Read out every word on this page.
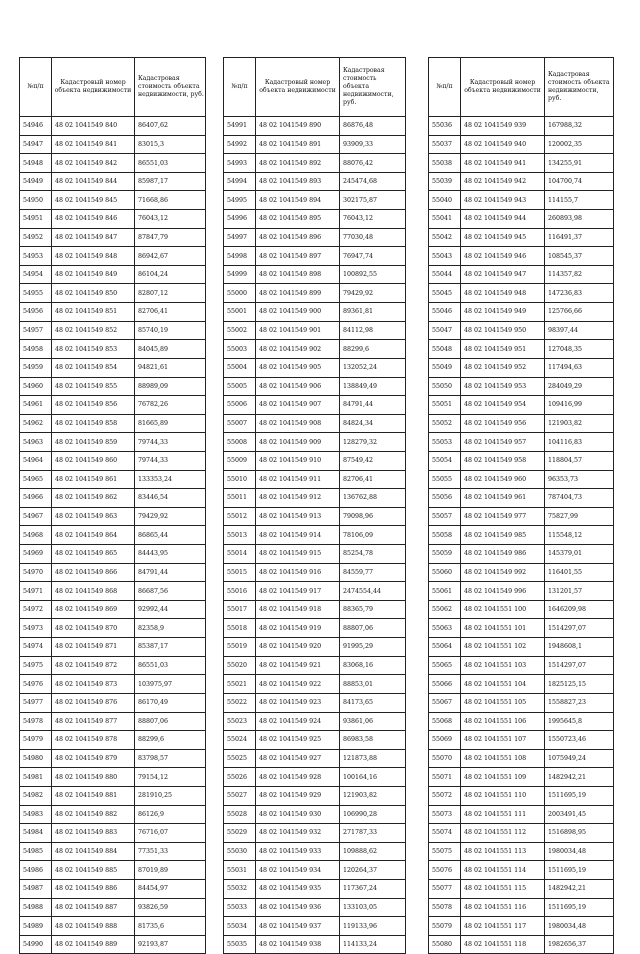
№п/п	Кадастровый номер объекта недвижимости	Кадастровая стоимость объекта недвижимости, руб.
54946	48 02 1041549 840	86407,62
54947	48 02 1041549 841	83015,3
54948	48 02 1041549 842	86551,03
54949	48 02 1041549 844	85987,17
54950	48 02 1041549 845	71668,86
54951	48 02 1041549 846	76043,12
54952	48 02 1041549 847	87847,79
54953	48 02 1041549 848	86942,67
54954	48 02 1041549 849	86104,24
54955	48 02 1041549 850	82807,12
54956	48 02 1041549 851	82706,41
54957	48 02 1041549 852	85740,19
54958	48 02 1041549 853	84045,89
54959	48 02 1041549 854	94821,61
54960	48 02 1041549 855	88989,09
54961	48 02 1041549 856	76782,26
54962	48 02 1041549 858	81665,89
54963	48 02 1041549 859	79744,33
54964	48 02 1041549 860	79744,33
54965	48 02 1041549 861	133353,24
54966	48 02 1041549 862	83446,54
54967	48 02 1041549 863	79429,92
54968	48 02 1041549 864	86865,44
54969	48 02 1041549 865	84443,95
54970	48 02 1041549 866	84791,44
54971	48 02 1041549 868	86687,56
54972	48 02 1041549 869	92992,44
54973	48 02 1041549 870	82358,9
54974	48 02 1041549 871	85387,17
54975	48 02 1041549 872	86551,03
54976	48 02 1041549 873	103975,97
54977	48 02 1041549 876	86170,49
54978	48 02 1041549 877	88807,06
54979	48 02 1041549 878	88299,6
54980	48 02 1041549 879	83798,57
54981	48 02 1041549 880	79154,12
54982	48 02 1041549 881	281910,25
54983	48 02 1041549 882	86126,9
54984	48 02 1041549 883	76716,07
54985	48 02 1041549 884	77351,33
54986	48 02 1041549 885	87019,89
54987	48 02 1041549 886	84454,97
54988	48 02 1041549 887	93826,59
54989	48 02 1041549 888	81735,6
54990	48 02 1041549 889	92193,87
№п/п	Кадастровый номер объекта недвижимости	Кадастровая стоимость объекта недвижимости, руб.
54991	48 02 1041549 890	86876,48
54992	48 02 1041549 891	93909,33
54993	48 02 1041549 892	88076,42
54994	48 02 1041549 893	245474,68
54995	48 02 1041549 894	302175,87
54996	48 02 1041549 895	76043,12
54997	48 02 1041549 896	77030,48
54998	48 02 1041549 897	76947,74
54999	48 02 1041549 898	100892,55
55000	48 02 1041549 899	79429,92
55001	48 02 1041549 900	89361,81
55002	48 02 1041549 901	84112,98
55003	48 02 1041549 902	88299,6
55004	48 02 1041549 905	132052,24
55005	48 02 1041549 906	138849,49
55006	48 02 1041549 907	84791,44
55007	48 02 1041549 908	84824,34
55008	48 02 1041549 909	128279,32
55009	48 02 1041549 910	87549,42
55010	48 02 1041549 911	82706,41
55011	48 02 1041549 912	136762,88
55012	48 02 1041549 913	79098,96
55013	48 02 1041549 914	78106,09
55014	48 02 1041549 915	85254,78
55015	48 02 1041549 916	84559,77
55016	48 02 1041549 917	2474554,44
55017	48 02 1041549 918	88365,79
55018	48 02 1041549 919	88807,06
55019	48 02 1041549 920	91995,29
55020	48 02 1041549 921	83068,16
55021	48 02 1041549 922	88853,01
55022	48 02 1041549 923	84173,65
55023	48 02 1041549 924	93861,06
55024	48 02 1041549 925	86983,58
55025	48 02 1041549 927	121873,88
55026	48 02 1041549 928	100164,16
55027	48 02 1041549 929	121903,82
55028	48 02 1041549 930	106990,28
55029	48 02 1041549 932	271787,33
55030	48 02 1041549 933	109888,62
55031	48 02 1041549 934	120264,37
55032	48 02 1041549 935	117367,24
55033	48 02 1041549 936	133103,05
55034	48 02 1041549 937	119133,96
55035	48 02 1041549 938	114133,24
№п/п	Кадастровый номер объекта недвижимости	Кадастровая стоимость объекта недвижимости, руб.
55036	48 02 1041549 939	167988,32
55037	48 02 1041549 940	120002,35
55038	48 02 1041549 941	134255,91
55039	48 02 1041549 942	104700,74
55040	48 02 1041549 943	114155,7
55041	48 02 1041549 944	260893,98
55042	48 02 1041549 945	116491,37
55043	48 02 1041549 946	108545,37
55044	48 02 1041549 947	114357,82
55045	48 02 1041549 948	147236,83
55046	48 02 1041549 949	125766,66
55047	48 02 1041549 950	98397,44
55048	48 02 1041549 951	127048,35
55049	48 02 1041549 952	117494,63
55050	48 02 1041549 953	284049,29
55051	48 02 1041549 954	109416,99
55052	48 02 1041549 956	121903,82
55053	48 02 1041549 957	104116,83
55054	48 02 1041549 958	118804,57
55055	48 02 1041549 960	96353,73
55056	48 02 1041549 961	787404,73
55057	48 02 1041549 977	75827,99
55058	48 02 1041549 985	115548,12
55059	48 02 1041549 986	145379,01
55060	48 02 1041549 992	116401,55
55061	48 02 1041549 996	131201,57
55062	48 02 1041551 100	1646209,98
55063	48 02 1041551 101	1514297,07
55064	48 02 1041551 102	1948608,1
55065	48 02 1041551 103	1514297,07
55066	48 02 1041551 104	1825125,15
55067	48 02 1041551 105	1558827,23
55068	48 02 1041551 106	1995645,8
55069	48 02 1041551 107	1550723,46
55070	48 02 1041551 108	1075949,24
55071	48 02 1041551 109	1482942,21
55072	48 02 1041551 110	1511695,19
55073	48 02 1041551 111	2003491,45
55074	48 02 1041551 112	1516898,95
55075	48 02 1041551 113	1980034,48
55076	48 02 1041551 114	1511695,19
55077	48 02 1041551 115	1482942,21
55078	48 02 1041551 116	1511695,19
55079	48 02 1041551 117	1980034,48
55080	48 02 1041551 118	1982656,37
